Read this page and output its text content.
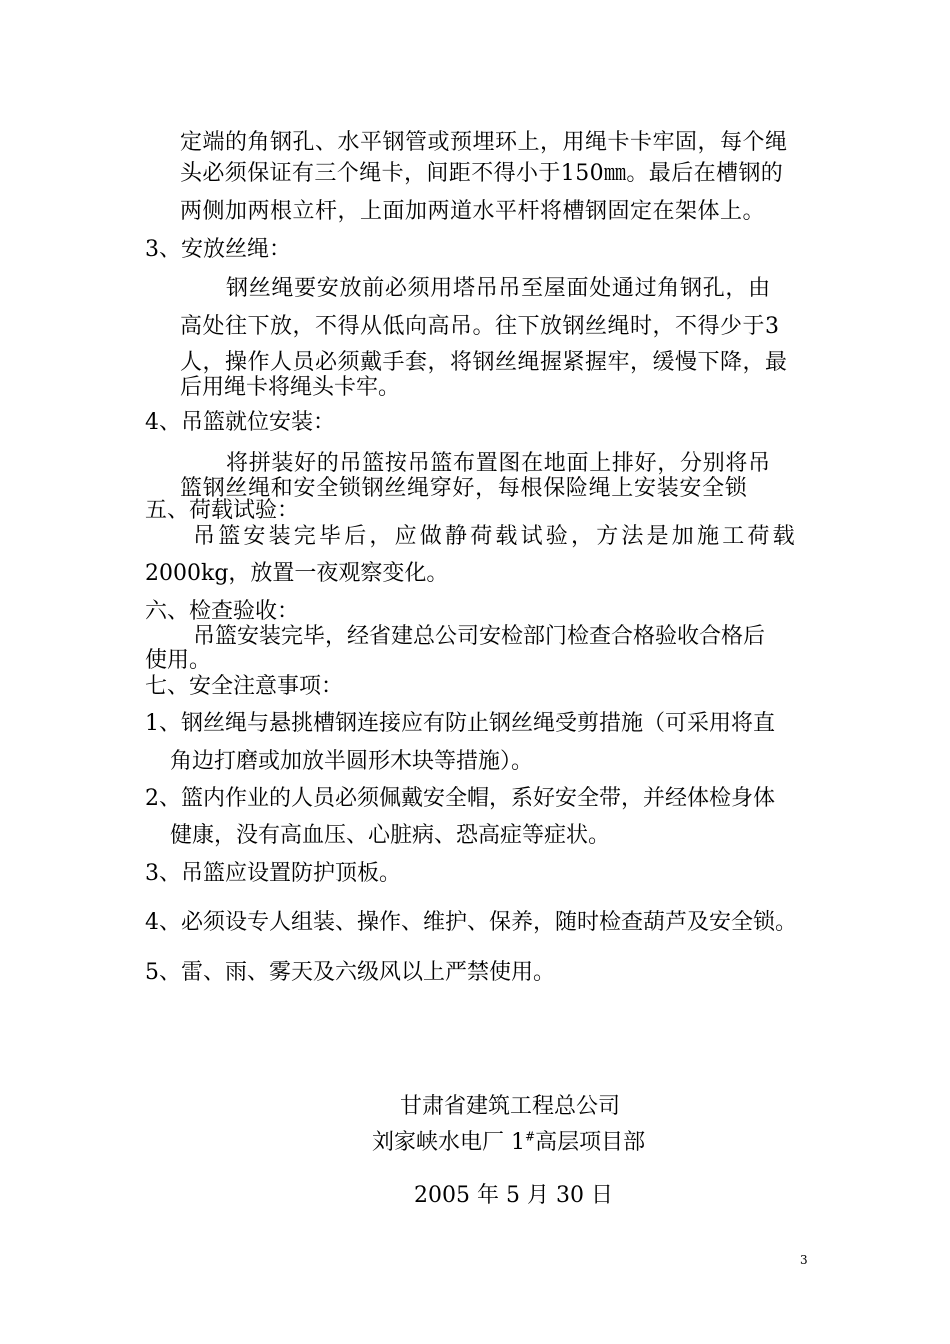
定端的角钢孔、水平钢管或预埋环上，用绳卡卡牢固，每个绳
头必须保证有三个绳卡，间距不得小于150㎜。最后在槽钢的
两侧加两根立杆，上面加两道水平杆将槽钢固定在架体上。
3、安放丝绳：
钢丝绳要安放前必须用塔吊吊至屋面处通过角钢孔，由
高处往下放，不得从低向高吊。往下放钢丝绳时，不得少于3
人，操作人员必须戴手套，将钢丝绳握紧握牢，缓慢下降，最
后用绳卡将绳头卡牢。
4、吊篮就位安装：
将拼装好的吊篮按吊篮布置图在地面上排好，分别将吊
篮钢丝绳和安全锁钢丝绳穿好，每根保险绳上安装安全锁
五、荷载试验：
吊篮安装完毕后，应做静荷载试验，方法是加施工荷载
2000kg，放置一夜观察变化。
六、检查验收：
吊篮安装完毕，经省建总公司安检部门检查合格验收合格后
使用。
七、安全注意事项：
1、钢丝绳与悬挑槽钢连接应有防止钢丝绳受剪措施（可采用将直
角边打磨或加放半圆形木块等措施）。
2、篮内作业的人员必须佩戴安全帽，系好安全带，并经体检身体
健康，没有高血压、心脏病、恐高症等症状。
3、吊篮应设置防护顶板。
4、必须设专人组装、操作、维护、保养，随时检查葫芦及安全锁。
5、雷、雨、雾天及六级风以上严禁使用。
甘肃省建筑工程总公司
刘家峡水电厂 1#高层项目部
2005 年 5 月 30 日
3
